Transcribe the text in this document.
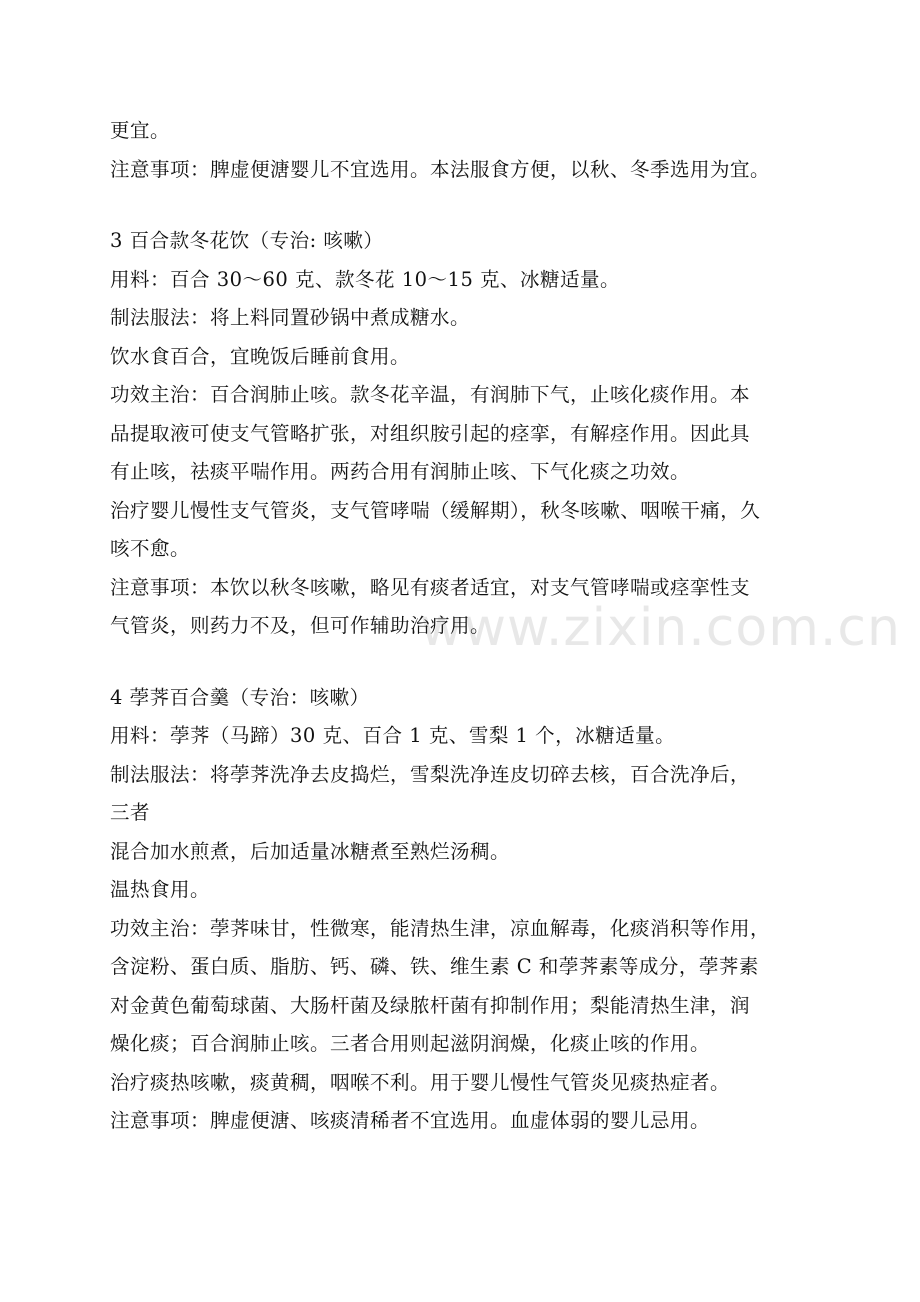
www.zixin.com.cn
更宜。
注意事项：脾虚便溏婴儿不宜选用。本法服食方便，以秋、冬季选用为宜。
3 百合款冬花饮（专治: 咳嗽）
用料：百合 30～60 克、款冬花 10～15 克、冰糖适量。
制法服法：将上料同置砂锅中煮成糖水。
饮水食百合，宜晚饭后睡前食用。
功效主治：百合润肺止咳。款冬花辛温，有润肺下气，止咳化痰作用。本
品提取液可使支气管略扩张，对组织胺引起的痉挛，有解痉作用。因此具
有止咳，祛痰平喘作用。两药合用有润肺止咳、下气化痰之功效。
治疗婴儿慢性支气管炎，支气管哮喘（缓解期），秋冬咳嗽、咽喉干痛，久
咳不愈。
注意事项：本饮以秋冬咳嗽，略见有痰者适宜，对支气管哮喘或痉挛性支
气管炎，则药力不及，但可作辅助治疗用。
4 荸荠百合羹（专治：咳嗽）
用料：荸荠（马蹄）30 克、百合 1 克、雪梨 1 个，冰糖适量。
制法服法：将荸荠洗净去皮捣烂，雪梨洗净连皮切碎去核，百合洗净后，
三者
混合加水煎煮，后加适量冰糖煮至熟烂汤稠。
温热食用。
功效主治：荸荠味甘，性微寒，能清热生津，凉血解毒，化痰消积等作用，
含淀粉、蛋白质、脂肪、钙、磷、铁、维生素 C 和荸荠素等成分，荸荠素
对金黄色葡萄球菌、大肠杆菌及绿脓杆菌有抑制作用；梨能清热生津，润
燥化痰；百合润肺止咳。三者合用则起滋阴润燥，化痰止咳的作用。
治疗痰热咳嗽，痰黄稠，咽喉不利。用于婴儿慢性气管炎见痰热症者。
注意事项：脾虚便溏、咳痰清稀者不宜选用。血虚体弱的婴儿忌用。
